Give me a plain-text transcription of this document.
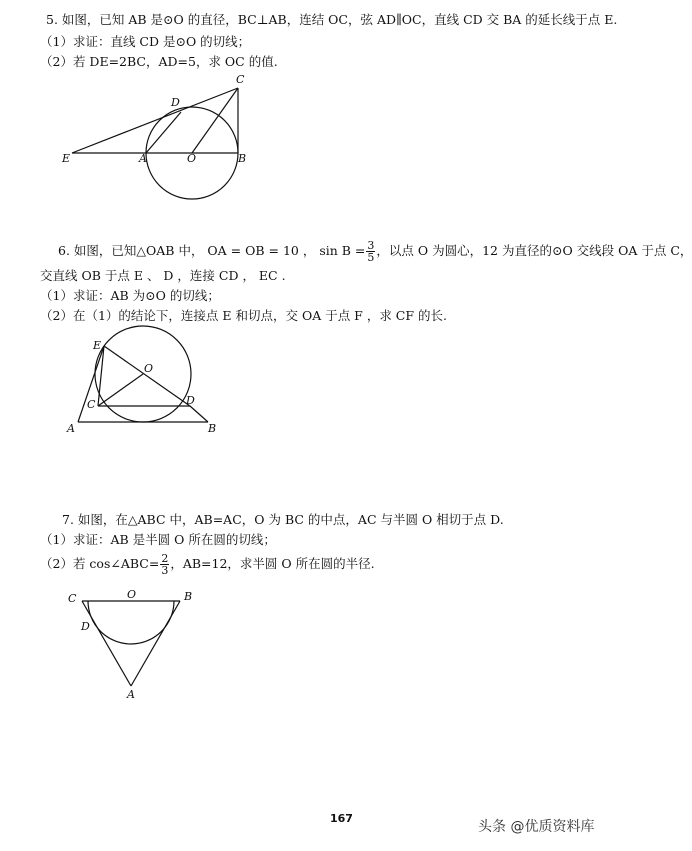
5. 如图，已知 AB 是⊙O 的直径，BC⊥AB，连结 OC，弦 AD∥OC，直线 CD 交 BA 的延长线于点 E.
（1）求证：直线 CD 是⊙O 的切线；
（2）若 DE=2BC，AD=5，求 OC 的值.
C
D
E	A	O	B
6. 如图，已知△OAB 中， OA = OB = 10 ， $\sin B = \frac{3}{5}$ ，以点 O 为圆心，12 为直径的⊙O 交线段 OA 于点 C，
交直线 OB 于点 E 、 D ，连接 CD ， EC .
（1）求证：AB 为⊙O 的切线；
（2）在（1）的结论下，连接点 E 和切点，交 OA 于点 F ，求 CF 的长.
E
O
C	D
A	B
7. 如图，在△ABC 中，AB=AC，O 为 BC 的中点，AC 与半圆 O 相切于点 D.
（1）求证：AB 是半圆 O 所在圆的切线；
（2）若 cos∠ABC= $\frac{2}{3}$ ，AB=12，求半圆 O 所在圆的半径.
C	O	B
D
A
167
头条 @优质资料库
